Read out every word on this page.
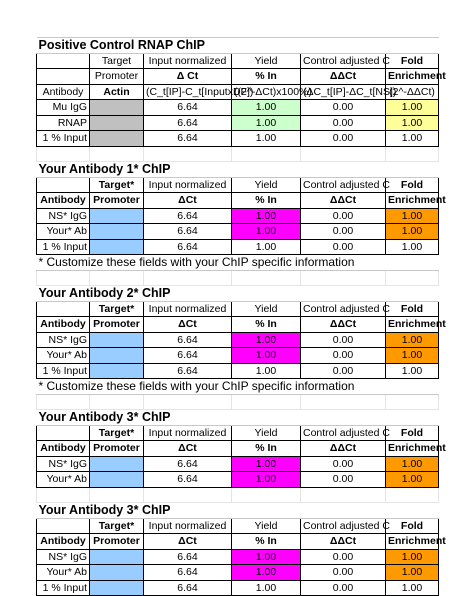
Positive Control RNAP ChIP					
	Target	Input normalized	Yield	Control adjusted C	Fold
	Promoter	Δ Ct	% In	ΔΔCt	Enrichment
Antibody	Actin	(C_t[IP]-C_t[InputxDF])	((2^-ΔCt)x100%)	(ΔC_t[IP]-ΔC_t[NS])	(2^-ΔΔCt)
Mu IgG		6.64	1.00	0.00	1.00
RNAP		6.64	1.00	0.00	1.00
1 % Input		6.64	1.00	0.00	1.00

Your Antibody 1* ChIP					
	Target*	Input normalized	Yield	Control adjusted C	Fold
Antibody	Promoter	ΔCt	% In	ΔΔCt	Enrichment
NS* IgG		6.64	1.00	0.00	1.00
Your* Ab		6.64	1.00	0.00	1.00
1 % Input		6.64	1.00	0.00	1.00
* Customize these fields with your ChIP specific information					

Your Antibody 2* ChIP					
	Target*	Input normalized	Yield	Control adjusted C	Fold
Antibody	Promoter	ΔCt	% In	ΔΔCt	Enrichment
NS* IgG		6.64	1.00	0.00	1.00
Your* Ab		6.64	1.00	0.00	1.00
1 % Input		6.64	1.00	0.00	1.00
* Customize these fields with your ChIP specific information					

Your Antibody 3* ChIP					
	Target*	Input normalized	Yield	Control adjusted C	Fold
Antibody	Promoter	ΔCt	% In	ΔΔCt	Enrichment
NS* IgG		6.64	1.00	0.00	1.00
Your* Ab		6.64	1.00	0.00	1.00

Your Antibody 3* ChIP					
	Target*	Input normalized	Yield	Control adjusted C	Fold
Antibody	Promoter	ΔCt	% In	ΔΔCt	Enrichment
NS* IgG		6.64	1.00	0.00	1.00
Your* Ab		6.64	1.00	0.00	1.00
1 % Input		6.64	1.00	0.00	1.00
